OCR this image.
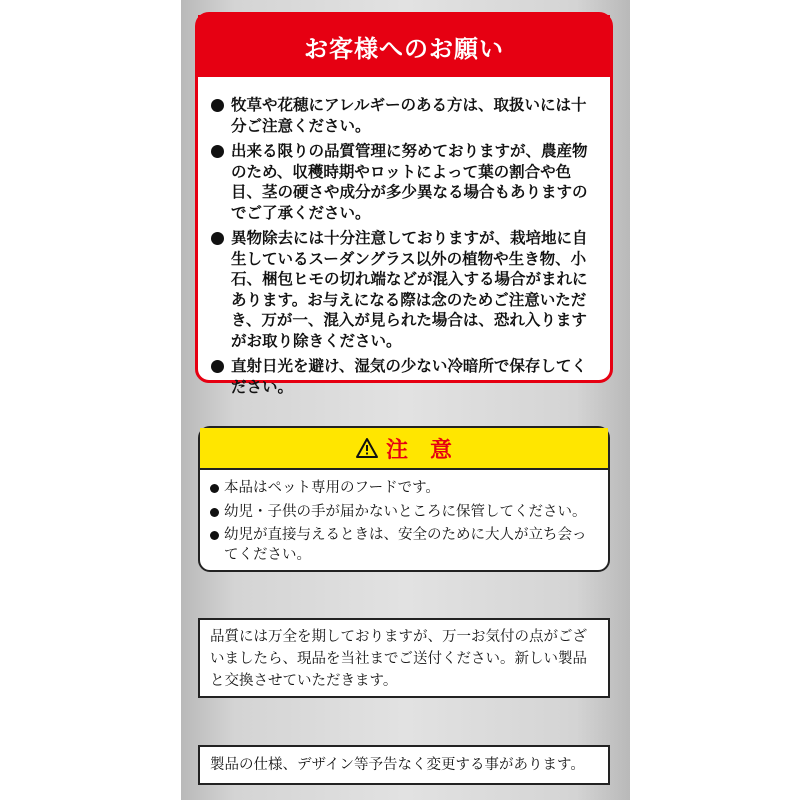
お客様へのお願い
牧草や花穂にアレルギーのある方は、取扱いには十分ご注意ください。
出来る限りの品質管理に努めておりますが、農産物のため、収穫時期やロットによって葉の割合や色目、茎の硬さや成分が多少異なる場合もありますのでご了承ください。
異物除去には十分注意しておりますが、栽培地に自生しているスーダングラス以外の植物や生き物、小石、梱包ヒモの切れ端などが混入する場合がまれにあります。お与えになる際は念のためご注意いただき、万が一、混入が見られた場合は、恐れ入りますがお取り除きください。
直射日光を避け、湿気の少ない冷暗所で保存してください。
注意
本品はペット専用のフードです。
幼児・子供の手が届かないところに保管してください。
幼児が直接与えるときは、安全のために大人が立ち会ってください。
品質には万全を期しておりますが、万一お気付の点がございましたら、現品を当社までご送付ください。新しい製品と交換させていただきます。
製品の仕様、デザイン等予告なく変更する事があります。
